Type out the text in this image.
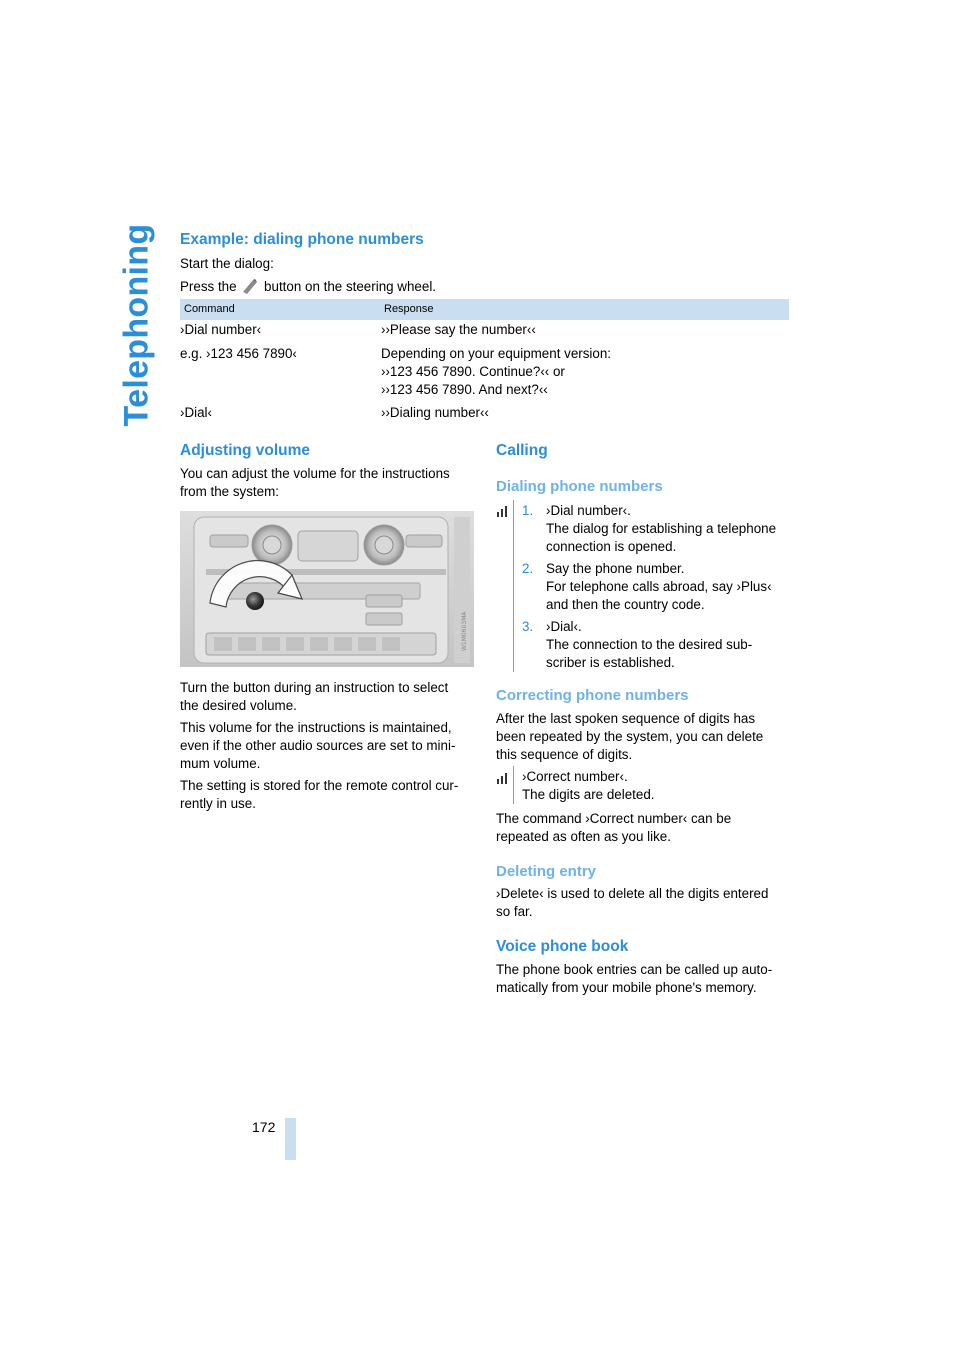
Telephoning Example: dialing phone numbers

Start the dialog:

Press the button on the steering wheel.

Command	Response
›Dial number‹	››Please say the number‹‹
e.g. ›123 456 7890‹	Depending on your equipment version:
››123 456 7890. Continue?‹‹ or
››123 456 7890. And next?‹‹
›Dial‹	››Dialing number‹‹
Adjusting volume

You can adjust the volume for the instructions

from the system:

W1M0603MA

Turn the button during an instruction to select

the desired volume.

This volume for the instructions is maintained,

even if the other audio sources are set to mini-

mum volume.

The setting is stored for the remote control cur-

rently in use.

Calling
Dialing phone numbers

1. ›Dial number‹.

The dialog for establishing a telephone

connection is opened.

2. Say the phone number.

For telephone calls abroad, say ›Plus‹

and then the country code.

3. ›Dial‹.

The connection to the desired sub-

scriber is established.

Correcting phone numbers

After the last spoken sequence of digits has

been repeated by the system, you can delete

this sequence of digits.

›Correct number‹.

The digits are deleted.

The command ›Correct number‹ can be

repeated as often as you like.

Deleting entry

›Delete‹ is used to delete all the digits entered

so far.

Voice phone book

The phone book entries can be called up auto-

matically from your mobile phone's memory.

172
